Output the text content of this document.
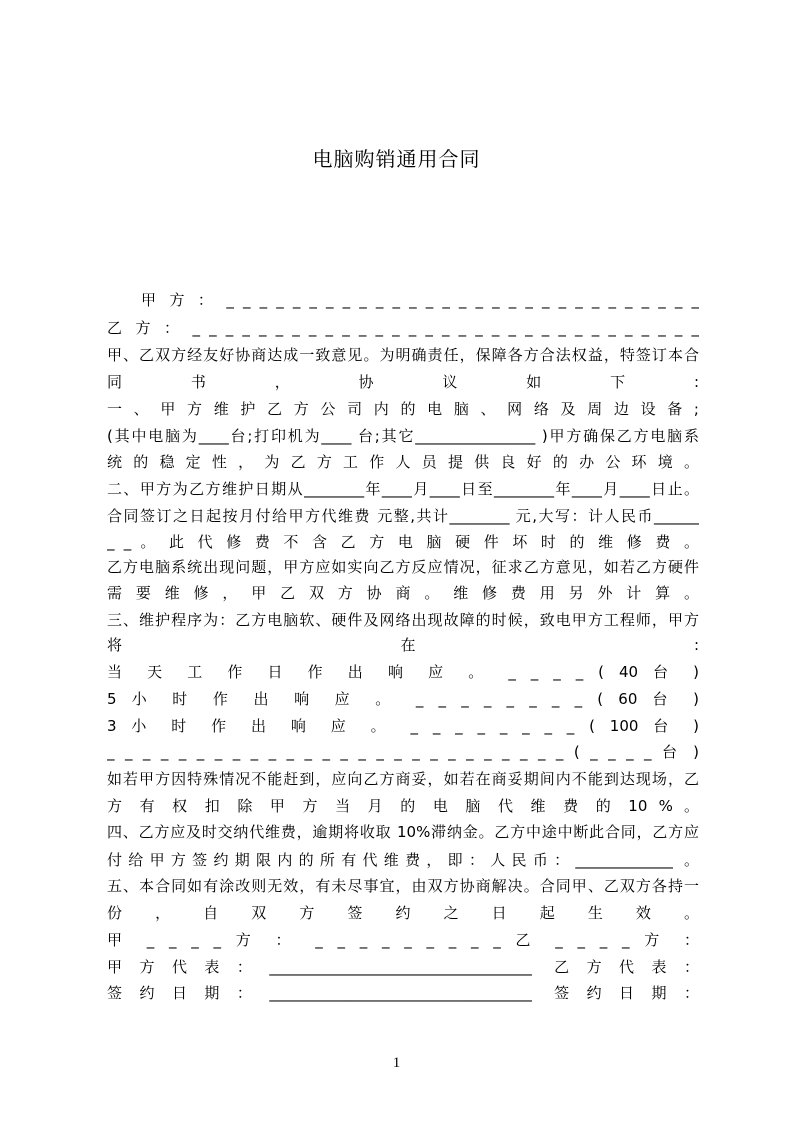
电脑购销通用合同
甲 方 ： _ _ _ _ _ _ _ _ _ _ _ _ _ _ _ _ _ _ _ _ _ _ _ _ _ _ _ _ _
乙 方 ： _ _ _ _ _ _ _ _ _ _ _ _ _ _ _ _ _ _ _ _ _ _ _ _ _ _ _ _ _ _ _
甲、乙双方经友好协商达成一致意见。为明确责任，保障各方合法权益，特签订本合
同 书 ， 协 议 如 下 :
一 、 甲 方 维 护 乙 方 公 司 内 的 电 脑 、 网 络 及 周 边 设 备 ;
(其中电脑为____台;打印机为____ 台;其它________________ )甲方确保乙方电脑系
统 的 稳 定 性 ， 为 乙 方 工 作 人 员 提 供 良 好 的 办 公 环 境 。
二、甲方为乙方维护日期从________年____月____日至________年____月____日止。
合同签订之日起按月付给甲方代维费 元整,共计________ 元,大写：计人民币______
_ _ 。 此 代 修 费 不 含 乙 方 电 脑 硬 件 坏 时 的 维 修 费 。
乙方电脑系统出现问题，甲方应如实向乙方反应情况，征求乙方意见，如若乙方硬件
需 要 维 修 ， 甲 乙 双 方 协 商 。 维 修 费 用 另 外 计 算 。
三、维护程序为：乙方电脑软、硬件及网络出现故障的时候，致电甲方工程师，甲方
将 在 :
当 天 工 作 日 作 出 响 应 。 _ _ _ _ ( 40 台 )
5 小 时 作 出 响 应 。 _ _ _ _ _ _ _ _ ( 60 台 )
3 小 时 作 出 响 应 。 _ _ _ _ _ _ _ _ ( 100 台 )
_ _ _ _ _ _ _ _ _ _ _ _ _ _ _ _ _ _ _ _ _ _ _ _ _ _ ( _ _ _ _ 台 )
如若甲方因特殊情况不能赶到，应向乙方商妥，如若在商妥期间内不能到达现场，乙
方 有 权 扣 除 甲 方 当 月 的 电 脑 代 维 费 的 10 % 。
四、乙方应及时交纳代维费，逾期将收取 10%滞纳金。乙方中途中断此合同，乙方应
付给甲方签约期限内的所有代维费，即：人民币：_____________ 。
五、本合同如有涂改则无效，有未尽事宜，由双方协商解决。合同甲、乙双方各持一
份 ， 自 双 方 签 约 之 日 起 生 效 。
甲 _ _ _ _ 方 ： _ _ _ _ _ _ _ _ _ 乙 _ _ _ _ 方 ：
甲方代表：___________________________________ 乙方代表：
签约日期：___________________________________ 签约日期：
1
